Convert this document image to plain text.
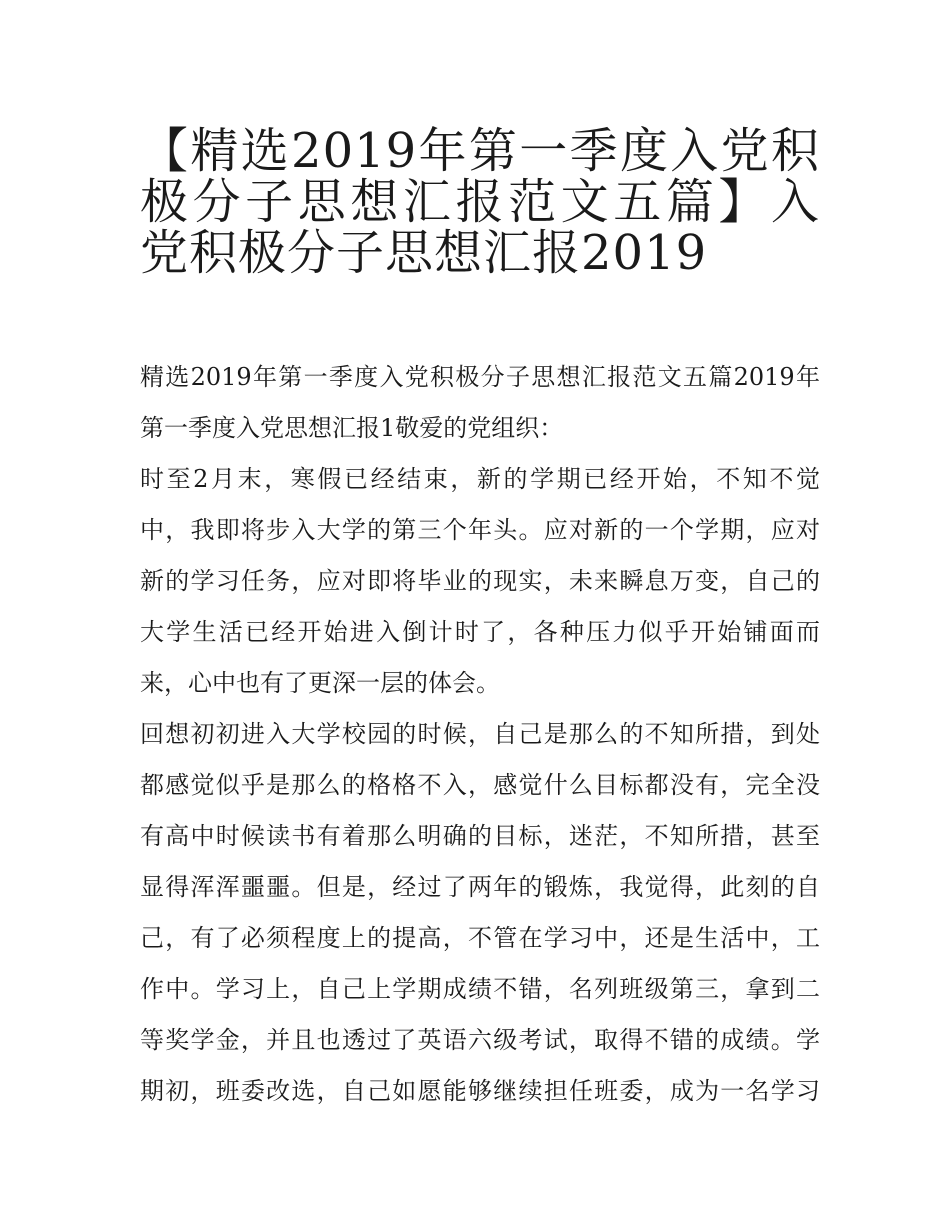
【精选2019年第一季度入党积
极分子思想汇报范文五篇】入
党积极分子思想汇报2019
精选2019年第一季度入党积极分子思想汇报范文五篇2019年
第一季度入党思想汇报1敬爱的党组织：
时至2月末，寒假已经结束，新的学期已经开始，不知不觉
中，我即将步入大学的第三个年头。应对新的一个学期，应对
新的学习任务，应对即将毕业的现实，未来瞬息万变，自己的
大学生活已经开始进入倒计时了，各种压力似乎开始铺面而
来，心中也有了更深一层的体会。
回想初初进入大学校园的时候，自己是那么的不知所措，到处
都感觉似乎是那么的格格不入，感觉什么目标都没有，完全没
有高中时候读书有着那么明确的目标，迷茫，不知所措，甚至
显得浑浑噩噩。但是，经过了两年的锻炼，我觉得，此刻的自
己，有了必须程度上的提高，不管在学习中，还是生活中，工
作中。学习上，自己上学期成绩不错，名列班级第三，拿到二
等奖学金，并且也透过了英语六级考试，取得不错的成绩。学
期初，班委改选，自己如愿能够继续担任班委，成为一名学习
